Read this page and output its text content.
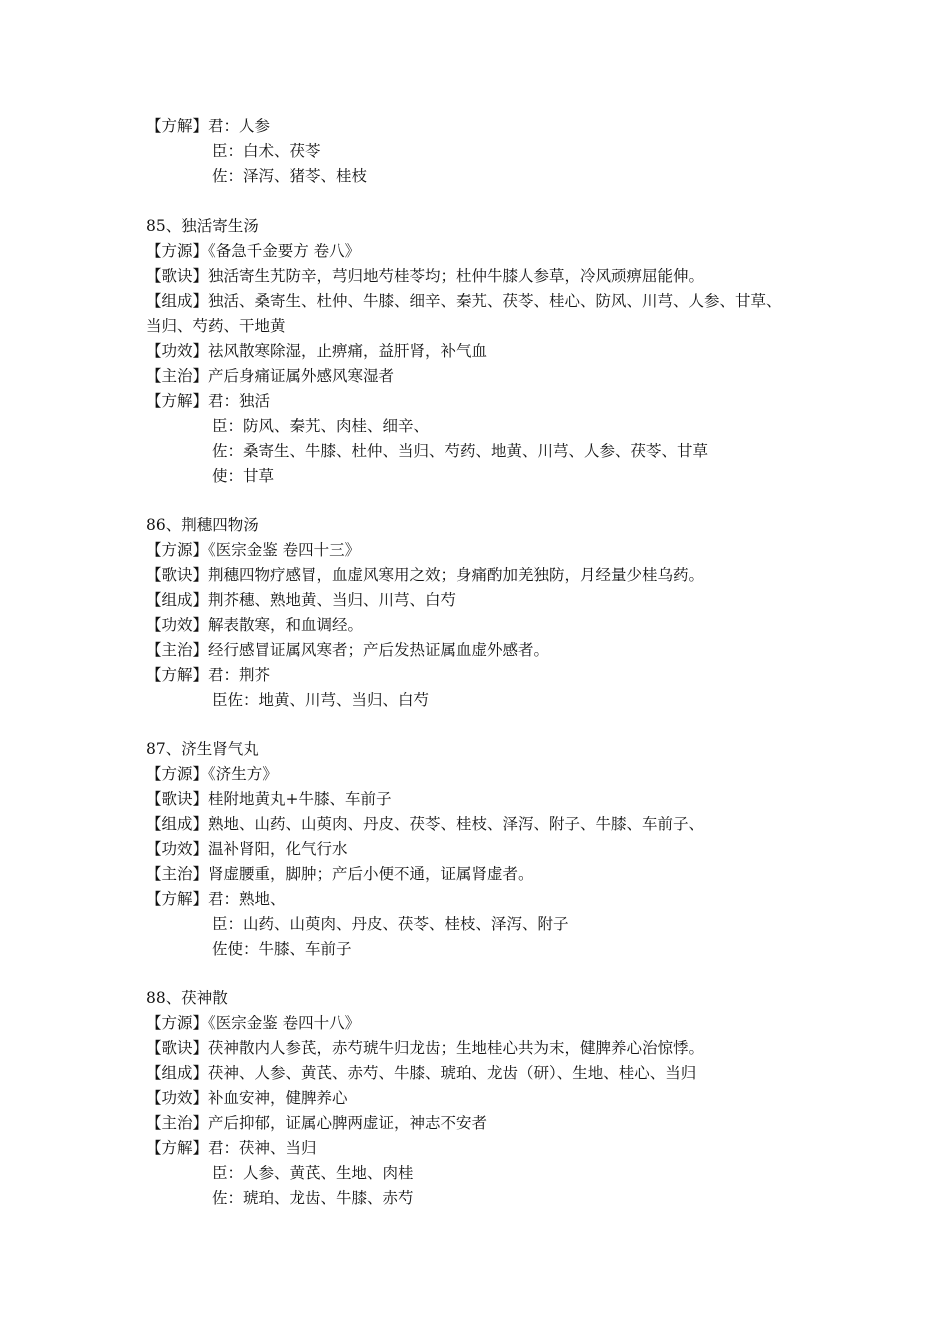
【方解】君：人参
臣：白术、茯苓
佐：泽泻、猪苓、桂枝
85、独活寄生汤
【方源】《备急千金要方 卷八》
【歌诀】独活寄生艽防辛，芎归地芍桂苓均；杜仲牛膝人参草，冷风顽痹屈能伸。
【组成】独活、桑寄生、杜仲、牛膝、细辛、秦艽、茯苓、桂心、防风、川芎、人参、甘草、
当归、芍药、干地黄
【功效】祛风散寒除湿，止痹痛，益肝肾，补气血
【主治】产后身痛证属外感风寒湿者
【方解】君：独活
臣：防风、秦艽、肉桂、细辛、
佐：桑寄生、牛膝、杜仲、当归、芍药、地黄、川芎、人参、茯苓、甘草
使：甘草
86、荆穗四物汤
【方源】《医宗金鉴 卷四十三》
【歌诀】荆穗四物疗感冒，血虚风寒用之效；身痛酌加羌独防，月经量少桂乌药。
【组成】荆芥穗、熟地黄、当归、川芎、白芍
【功效】解表散寒，和血调经。
【主治】经行感冒证属风寒者；产后发热证属血虚外感者。
【方解】君：荆芥
臣佐：地黄、川芎、当归、白芍
87、济生肾气丸
【方源】《济生方》
【歌诀】桂附地黄丸+牛膝、车前子
【组成】熟地、山药、山萸肉、丹皮、茯苓、桂枝、泽泻、附子、牛膝、车前子、
【功效】温补肾阳，化气行水
【主治】肾虚腰重，脚肿；产后小便不通，证属肾虚者。
【方解】君：熟地、
臣：山药、山萸肉、丹皮、茯苓、桂枝、泽泻、附子
佐使：牛膝、车前子
88、茯神散
【方源】《医宗金鉴 卷四十八》
【歌诀】茯神散内人参芪，赤芍琥牛归龙齿；生地桂心共为末，健脾养心治惊悸。
【组成】茯神、人参、黄芪、赤芍、牛膝、琥珀、龙齿（研）、生地、桂心、当归
【功效】补血安神，健脾养心
【主治】产后抑郁，证属心脾两虚证，神志不安者
【方解】君：茯神、当归
臣：人参、黄芪、生地、肉桂
佐：琥珀、龙齿、牛膝、赤芍
